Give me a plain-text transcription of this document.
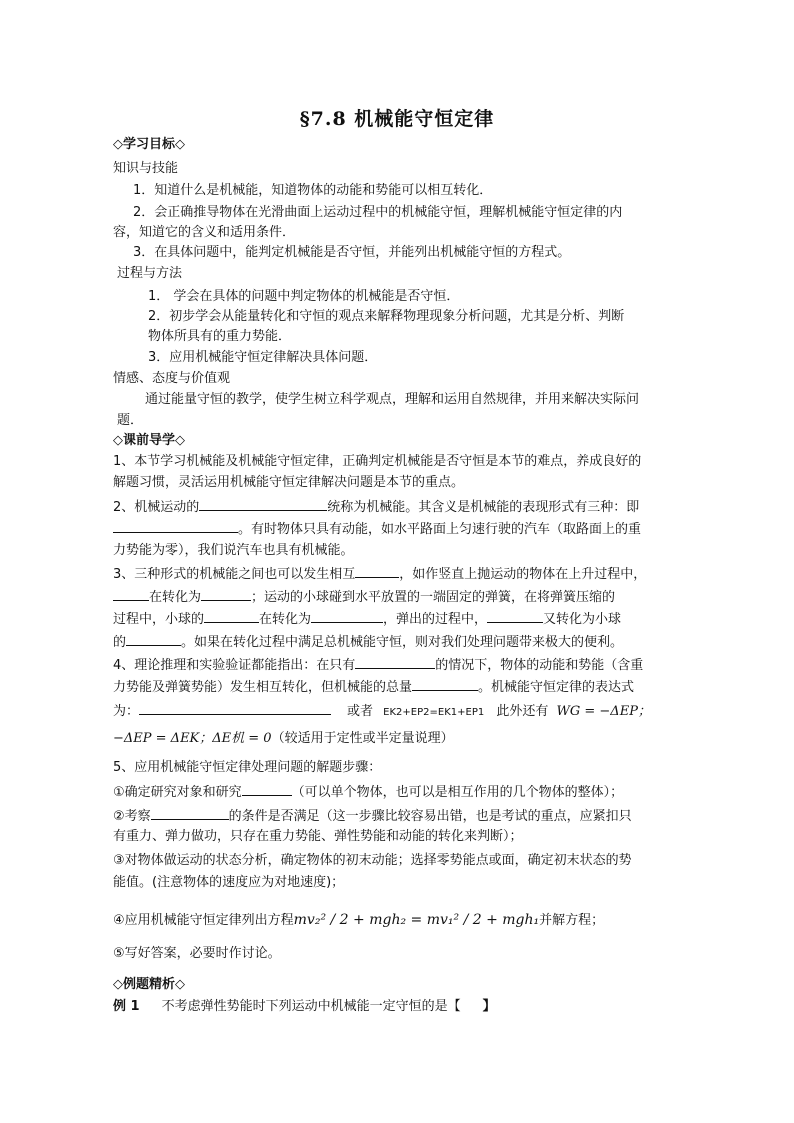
§7.8 机械能守恒定律
◇学习目标◇
知识与技能
1．知道什么是机械能，知道物体的动能和势能可以相互转化．
2．会正确推导物体在光滑曲面上运动过程中的机械能守恒，理解机械能守恒定律的内
容，知道它的含义和适用条件．
3．在具体问题中，能判定机械能是否守恒，并能列出机械能守恒的方程式。
过程与方法
1． 学会在具体的问题中判定物体的机械能是否守恒．
2．初步学会从能量转化和守恒的观点来解释物理现象分析问题，尤其是分析、判断
物体所具有的重力势能．
3．应用机械能守恒定律解决具体问题．
情感、态度与价值观
通过能量守恒的教学，使学生树立科学观点，理解和运用自然规律，并用来解决实际问
题．
◇课前导学◇
1、本节学习机械能及机械能守恒定律，正确判定机械能是否守恒是本节的难点，养成良好的
解题习惯，灵活运用机械能守恒定律解决问题是本节的重点。
2、机械运动的	统称为机械能。其含义是机械能的表现形式有三种：即
。有时物体只具有动能，如水平路面上匀速行驶的汽车（取路面上的重
力势能为零），我们说汽车也具有机械能。
3、三种形式的机械能之间也可以发生相互	，如作竖直上抛运动的物体在上升过程中，
在转化为	；运动的小球碰到水平放置的一端固定的弹簧，在将弹簧压缩的
过程中，小球的	在转化为	，弹出的过程中，	又转化为小球
的	。如果在转化过程中满足总机械能守恒，则对我们处理问题带来极大的便利。
4、理论推理和实验验证都能指出：在只有	的情况下，物体的动能和势能（含重
力势能及弹簧势能）发生相互转化，但机械能的总量	。机械能守恒定律的表达式
为：	或者 EK2+EP2=EK1+EP1 此外还有 WG = −ΔEP；
−ΔEP = ΔEK；ΔE机 = 0（较适用于定性或半定量说理）
5、应用机械能守恒定律处理问题的解题步骤：
①确定研究对象和研究	（可以单个物体，也可以是相互作用的几个物体的整体）；
②考察	的条件是否满足（这一步骤比较容易出错，也是考试的重点，应紧扣只
有重力、弹力做功，只存在重力势能、弹性势能和动能的转化来判断）；
③对物体做运动的状态分析，确定物体的初末动能；选择零势能点或面，确定初末状态的势
能值。(注意物体的速度应为对地速度)；
④应用机械能守恒定律列出方程mv₂² / 2 + mgh₂ = mv₁² / 2 + mgh₁并解方程；
⑤写好答案，必要时作讨论。
◇例题精析◇
例 1 不考虑弹性势能时下列运动中机械能一定守恒的是【 】
